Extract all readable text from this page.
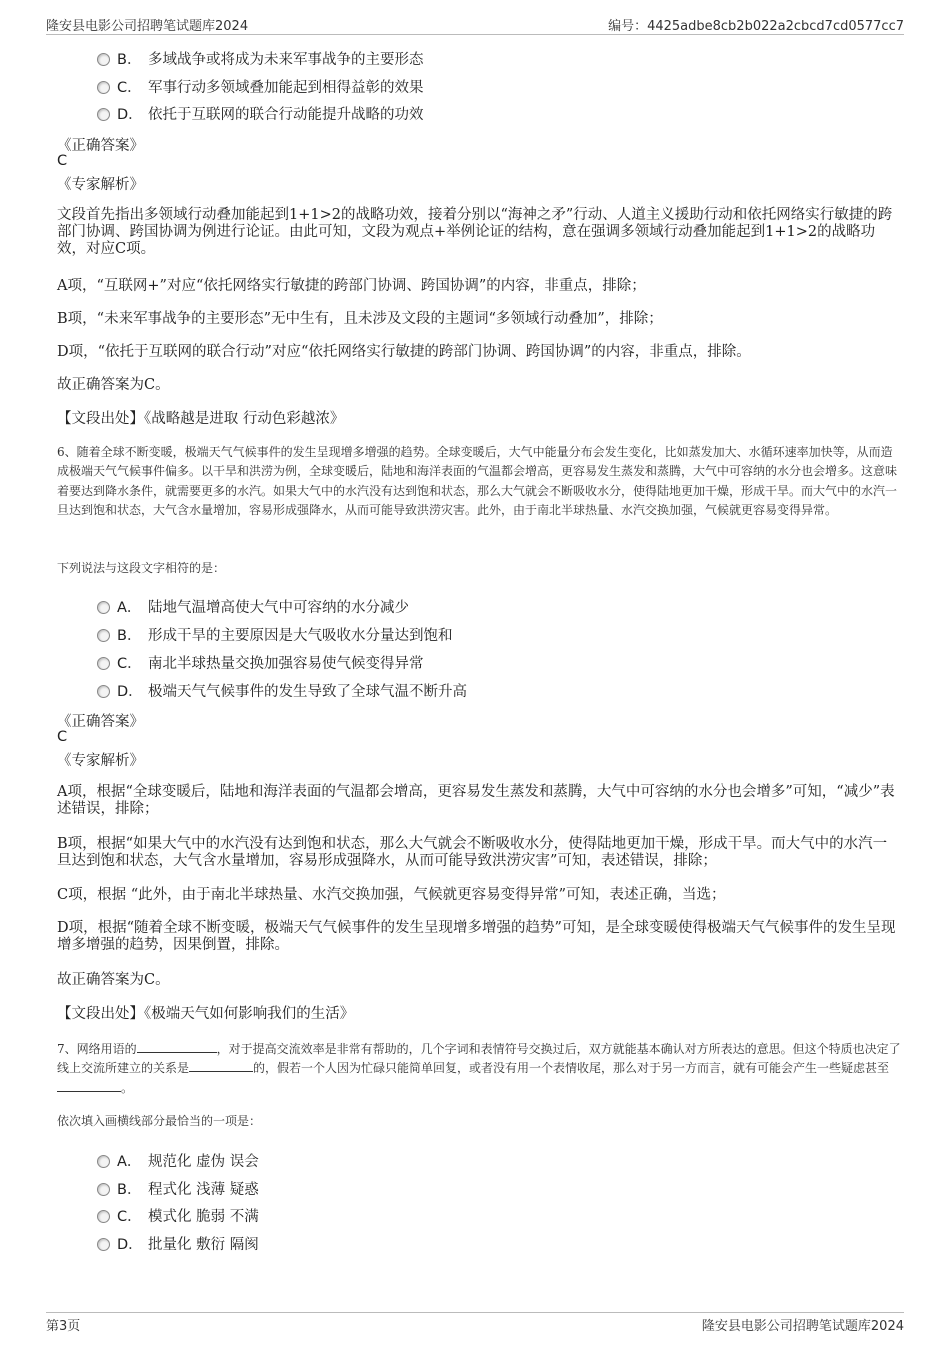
隆安县电影公司招聘笔试题库2024	编号：4425adbe8cb2b022a2cbcd7cd0577cc7
B． 多域战争或将成为未来军事战争的主要形态
C． 军事行动多领域叠加能起到相得益彰的效果
D． 依托于互联网的联合行动能提升战略的功效
《正确答案》
C
《专家解析》
文段首先指出多领域行动叠加能起到1+1>2的战略功效，接着分别以“海神之矛”行动、人道主义援助行动和依托网络实行敏捷的跨部门协调、跨国协调为例进行论证。由此可知，文段为观点+举例论证的结构，意在强调多领域行动叠加能起到1+1>2的战略功效，对应C项。
A项，“互联网+”对应“依托网络实行敏捷的跨部门协调、跨国协调”的内容，非重点，排除；
B项，“未来军事战争的主要形态”无中生有，且未涉及文段的主题词“多领域行动叠加”，排除；
D项，“依托于互联网的联合行动”对应“依托网络实行敏捷的跨部门协调、跨国协调”的内容，非重点，排除。
故正确答案为C。
【文段出处】《战略越是进取 行动色彩越浓》
6、随着全球不断变暖，极端天气气候事件的发生呈现增多增强的趋势。全球变暖后，大气中能量分布会发生变化，比如蒸发加大、水循环速率加快等，从而造成极端天气气候事件偏多。以干旱和洪涝为例，全球变暖后，陆地和海洋表面的气温都会增高，更容易发生蒸发和蒸腾，大气中可容纳的水分也会增多。这意味着要达到降水条件，就需要更多的水汽。如果大气中的水汽没有达到饱和状态，那么大气就会不断吸收水分，使得陆地更加干燥，形成干旱。而大气中的水汽一旦达到饱和状态，大气含水量增加，容易形成强降水，从而可能导致洪涝灾害。此外，由于南北半球热量、水汽交换加强，气候就更容易变得异常。
下列说法与这段文字相符的是：
A． 陆地气温增高使大气中可容纳的水分减少
B． 形成干旱的主要原因是大气吸收水分量达到饱和
C． 南北半球热量交换加强容易使气候变得异常
D． 极端天气气候事件的发生导致了全球气温不断升高
《正确答案》
C
《专家解析》
A项，根据“全球变暖后，陆地和海洋表面的气温都会增高，更容易发生蒸发和蒸腾，大气中可容纳的水分也会增多”可知，“减少”表述错误，排除；
B项，根据“如果大气中的水汽没有达到饱和状态，那么大气就会不断吸收水分，使得陆地更加干燥，形成干旱。而大气中的水汽一旦达到饱和状态，大气含水量增加，容易形成强降水，从而可能导致洪涝灾害”可知，表述错误，排除；
C项，根据 “此外，由于南北半球热量、水汽交换加强，气候就更容易变得异常”可知，表述正确，当选；
D项，根据“随着全球不断变暖，极端天气气候事件的发生呈现增多增强的趋势”可知，是全球变暖使得极端天气气候事件的发生呈现增多增强的趋势，因果倒置，排除。
故正确答案为C。
【文段出处】《极端天气如何影响我们的生活》
7、网络用语的	，对于提高交流效率是非常有帮助的，几个字词和表情符号交换过后，双方就能基本确认对方所表达的意思。但这个特质也决定了线上交流所建立的关系是	的，假若一个人因为忙碌只能简单回复，或者没有用一个表情收尾，那么对于另一方而言，就有可能会产生一些疑虑甚至。
依次填入画横线部分最恰当的一项是：
A． 规范化 虚伪 误会
B． 程式化 浅薄 疑惑
C． 模式化 脆弱 不满
D． 批量化 敷衍 隔阂
第3页	隆安县电影公司招聘笔试题库2024
